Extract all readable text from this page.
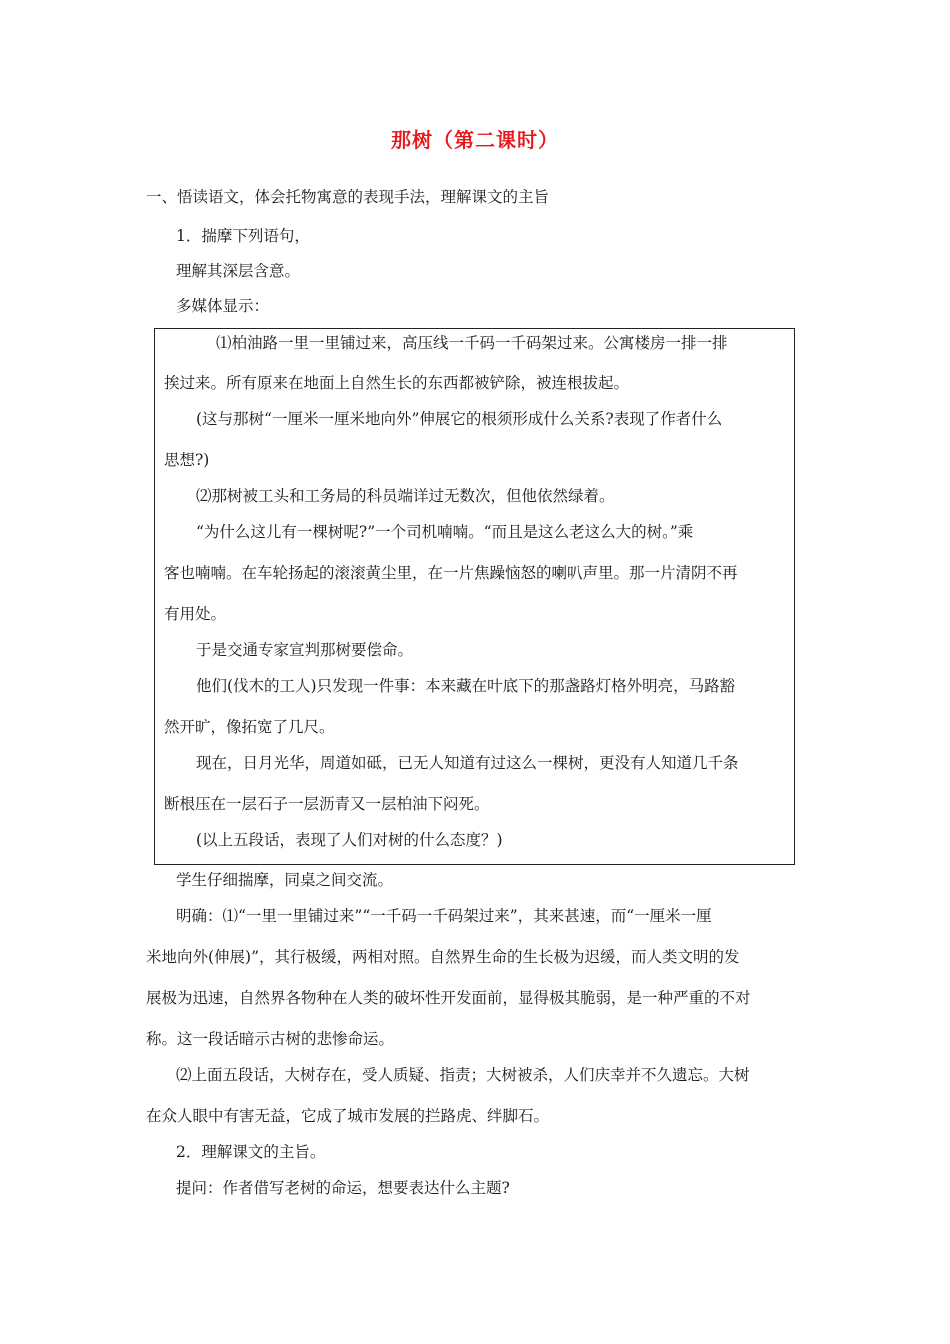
那树（第二课时）
一、悟读语文，体会托物寓意的表现手法，理解课文的主旨
1．揣摩下列语句，
理解其深层含意。
多媒体显示：
⑴柏油路一里一里铺过来，高压线一千码一千码架过来。公寓楼房一排一排
挨过来。所有原来在地面上自然生长的东西都被铲除，被连根拔起。
(这与那树“一厘米一厘米地向外”伸展它的根须形成什么关系?表现了作者什么
思想?)
⑵那树被工头和工务局的科员端详过无数次，但他依然绿着。
“为什么这儿有一棵树呢?”一个司机喃喃。“而且是这么老这么大的树。”乘
客也喃喃。在车轮扬起的滚滚黄尘里，在一片焦躁恼怒的喇叭声里。那一片清阴不再
有用处。
于是交通专家宣判那树要偿命。
他们(伐木的工人)只发现一件事：本来藏在叶底下的那盏路灯格外明亮，马路豁
然开旷，像拓宽了几尺。
现在，日月光华，周道如砥，已无人知道有过这么一棵树，更没有人知道几千条
断根压在一层石子一层沥青又一层柏油下闷死。
(以上五段话，表现了人们对树的什么态度？)
学生仔细揣摩，同桌之间交流。
明确：⑴“一里一里铺过来”“一千码一千码架过来”，其来甚速，而“一厘米一厘
米地向外(伸展)”，其行极缓，两相对照。自然界生命的生长极为迟缓，而人类文明的发
展极为迅速，自然界各物种在人类的破坏性开发面前，显得极其脆弱，是一种严重的不对
称。这一段话暗示古树的悲惨命运。
⑵上面五段话，大树存在，受人质疑、指责；大树被杀，人们庆幸并不久遗忘。大树
在众人眼中有害无益，它成了城市发展的拦路虎、绊脚石。
2．理解课文的主旨。
提问：作者借写老树的命运，想要表达什么主题?
